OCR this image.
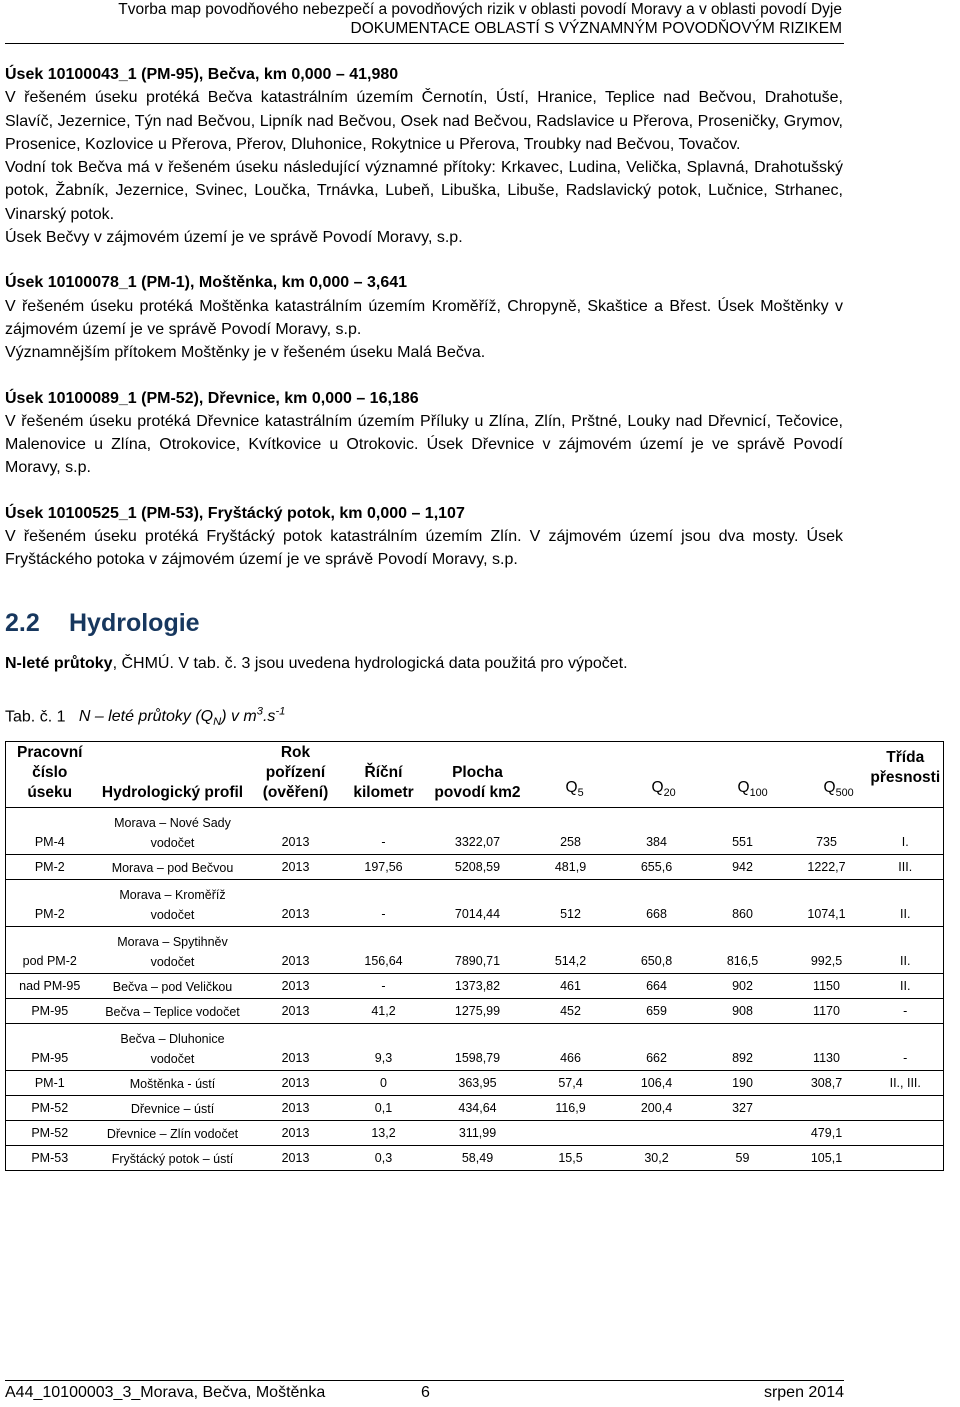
Tvorba map povodňového nebezpečí a povodňových rizik v oblasti povodí Moravy a v oblasti povodí Dyje
DOKUMENTACE OBLASTÍ S VÝZNAMNÝM POVODŇOVÝM RIZIKEM

Úsek 10100043_1 (PM-95), Bečva, km 0,000 – 41,980

V řešeném úseku protéká Bečva katastrálním územím Černotín, Ústí, Hranice, Teplice nad Bečvou, Drahotuše, Slavíč, Jezernice, Týn nad Bečvou, Lipník nad Bečvou, Osek nad Bečvou, Radslavice u Přerova, Proseničky, Grymov, Prosenice, Kozlovice u Přerova, Přerov, Dluhonice, Rokytnice u Přerova, Troubky nad Bečvou, Tovačov.

Vodní tok Bečva má v řešeném úseku následující významné přítoky: Krkavec, Ludina, Velička, Splavná, Drahotušský potok, Žabník, Jezernice, Svinec, Loučka, Trnávka, Lubeň, Libuška, Libuše, Radslavický potok, Lučnice, Strhanec, Vinarský potok.

Úsek Bečvy v zájmovém území je ve správě Povodí Moravy, s.p.

Úsek 10100078_1 (PM-1), Moštěnka, km 0,000 – 3,641

V řešeném úseku protéká Moštěnka katastrálním územím Kroměříž, Chropyně, Skaštice a Břest. Úsek Moštěnky v zájmovém území je ve správě Povodí Moravy, s.p.

Významnějším přítokem Moštěnky je v řešeném úseku Malá Bečva.

Úsek 10100089_1 (PM-52), Dřevnice, km 0,000 – 16,186

V řešeném úseku protéká Dřevnice katastrálním územím Příluky u Zlína, Zlín, Prštné, Louky nad Dřevnicí, Tečovice, Malenovice u Zlína, Otrokovice, Kvítkovice u Otrokovic. Úsek Dřevnice v zájmovém území je ve správě Povodí Moravy, s.p.

Úsek 10100525_1 (PM-53), Fryštácký potok, km 0,000 – 1,107

V řešeném úseku protéká Fryštácký potok katastrálním územím Zlín. V zájmovém území jsou dva mosty. Úsek Fryštáckého potoka v zájmovém území je ve správě Povodí Moravy, s.p.

2.2 Hydrologie

N-leté průtoky, ČHMÚ. V tab. č. 3 jsou uvedena hydrologická data použitá pro výpočet.

Tab. č. 1 N – leté průtoky $(Q_N)$ v $m^3.s^{-1}$

Pracovní číslo úseku	Hydrologický profil	Rok pořízení (ověření)	Říční kilometr	Plocha povodí km2	$Q_5$	$Q_{20}$	$Q_{100}$	$Q_{500}$	Třída přesnosti
PM-4	Morava – Nové Sady
vodočet	2013	-	3322,07	258	384	551	735	I.
PM-2	Morava – pod Bečvou	2013	197,56	5208,59	481,9	655,6	942	1222,7	III.
PM-2	Morava – Kroměříž
vodočet	2013	-	7014,44	512	668	860	1074,1	II.
pod PM-2	Morava – Spytihněv
vodočet	2013	156,64	7890,71	514,2	650,8	816,5	992,5	II.
nad PM-95	Bečva – pod Veličkou	2013	-	1373,82	461	664	902	1150	II.
PM-95	Bečva – Teplice vodočet	2013	41,2	1275,99	452	659	908	1170	-
PM-95	Bečva – Dluhonice
vodočet	2013	9,3	1598,79	466	662	892	1130	-
PM-1	Moštěnka - ústí	2013	0	363,95	57,4	106,4	190	308,7	II., III.
PM-52	Dřevnice – ústí	2013	0,1	434,64	116,9	200,4	327		
PM-52	Dřevnice – Zlín vodočet	2013	13,2	311,99				479,1	
PM-53	Fryštácký potok – ústí	2013	0,3	58,49	15,5	30,2	59	105,1	
A44_10100003_3_Morava, Bečva, Moštěnka	6	srpen 2014
